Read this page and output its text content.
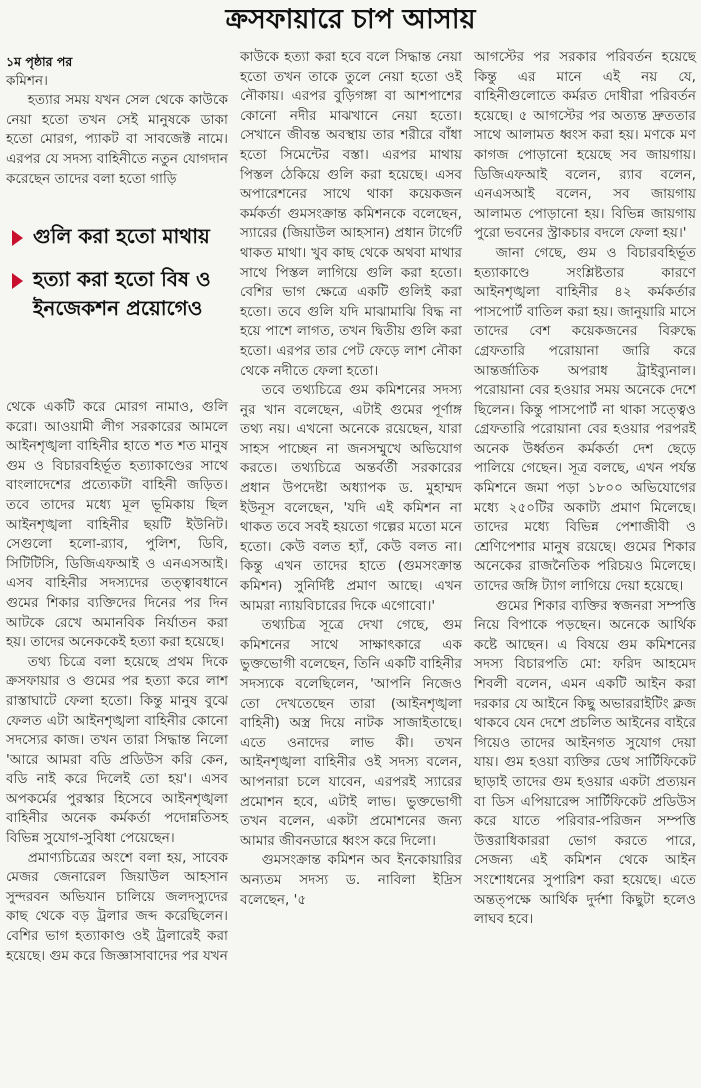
ক্রসফায়ারে চাপ আসায়
১ম পৃষ্ঠার পর

কমিশন।

হত্যার সময় যখন সেল থেকে কাউকে নেয়া হতো তখন সেই মানুষকে ডাকা হতো মোরগ, প্যাকট বা সাবজেক্ট নামে। এরপর যে সদস্য বাহিনীতে নতুন যোগদান করেছেন তাদের বলা হতো গাড়ি

গুলি করা হতো মাথায়
হত্যা করা হতো বিষ ও ইনজেকশন প্রয়োগেও

থেকে একটি করে মোরগ নামাও, গুলি করো। আওয়ামী লীগ সরকারের আমলে আইনশৃঙ্খলা বাহিনীর হাতে শত শত মানুষ গুম ও বিচারবহির্ভূত হত্যাকাণ্ডের সাথে বাংলাদেশের প্রত্যেকটা বাহিনী জড়িত। তবে তাদের মধ্যে মূল ভূমিকায় ছিল আইনশৃঙ্খলা বাহিনীর ছয়টি ইউনিট। সেগুলো হলো-র‍্যাব, পুলিশ, ডিবি, সিটিটিসি, ডিজিএফআই ও এনএসআই। এসব বাহিনীর সদস্যদের তত্ত্বাবধানে গুমের শিকার ব্যক্তিদের দিনের পর দিন আটকে রেখে অমানবিক নির্যাতন করা হয়। তাদের অনেককেই হত্যা করা হয়েছে।

তথ্য চিত্রে বলা হয়েছে প্রথম দিকে ক্রসফায়ার ও গুমের পর হত্যা করে লাশ রাস্তাঘাটে ফেলা হতো। কিন্তু মানুষ বুঝে ফেলত এটা আইনশৃঙ্খলা বাহিনীর কোনো সদস্যের কাজ। তখন তারা সিদ্ধান্ত নিলো 'আরে আমরা বডি প্রডিউস করি কেন, বডি নাই করে দিলেই তো হয়'। এসব অপকর্মের পুরস্কার হিসেবে আইনশৃঙ্খলা বাহিনীর অনেক কর্মকর্তা পদোন্নতিসহ বিভিন্ন সুযোগ-সুবিধা পেয়েছেন।

প্রমাণ্যচিত্রের অংশে বলা হয়, সাবেক মেজর জেনারেল জিয়াউল আহসান সুন্দরবন অভিযান চালিয়ে জলদস্যুদের কাছ থেকে বড় ট্রলার জব্দ করেছিলেন। বেশির ভাগ হত্যাকাণ্ড ওই ট্রলারেই করা হয়েছে। গুম করে জিজ্ঞাসাবাদের পর যখন

কাউকে হত্যা করা হবে বলে সিদ্ধান্ত নেয়া হতো তখন তাকে তুলে নেয়া হতো ওই নৌকায়। এরপর বুড়িগঙ্গা বা আশপাশের কোনো নদীর মাঝখানে নেয়া হতো। সেখানে জীবন্ত অবস্থায় তার শরীরে বাঁধা হতো সিমেন্টের বস্তা। এরপর মাথায় পিস্তল ঠেকিয়ে গুলি করা হয়েছে। এসব অপারেশনের সাথে থাকা কয়েকজন কর্মকর্তা গুমসংক্রান্ত কমিশনকে বলেছেন, স্যারের (জিয়াউল আহসান) প্রধান টার্গেট থাকত মাথা। খুব কাছ থেকে অথবা মাথার সাথে পিস্তল লাগিয়ে গুলি করা হতো। বেশির ভাগ ক্ষেত্রে একটি গুলিই করা হতো। তবে গুলি যদি মাঝামাঝি বিদ্ধ না হয়ে পাশে লাগত, তখন দ্বিতীয় গুলি করা হতো। এরপর তার পেট ফেড়ে লাশ নৌকা থেকে নদীতে ফেলা হতো।

তবে তথ্যচিত্রে গুম কমিশনের সদস্য নুর খান বলেছেন, এটাই গুমের পূর্ণাঙ্গ তথ্য নয়। এখনো অনেকে রয়েছেন, যারা সাহস পাচ্ছেন না জনসম্মুখে অভিযোগ করতে। তথ্যচিত্রে অন্তর্বর্তী সরকারের প্রধান উপদেষ্টা অধ্যাপক ড. মুহাম্মদ ইউনূস বলেছেন, 'যদি এই কমিশন না থাকত তবে সবই হয়তো গল্পের মতো মনে হতো। কেউ বলত হ্যাঁ, কেউ বলত না। কিন্তু এখন তাদের হাতে (গুমসংক্রান্ত কমিশন) সুনির্দিষ্ট প্রমাণ আছে। এখন আমরা ন্যায়বিচারের দিকে এগোবো।'

তথ্যচিত্র সূত্রে দেখা গেছে, গুম কমিশনের সাথে সাক্ষাৎকারে এক ভুক্তভোগী বলেছেন, তিনি একটি বাহিনীর সদস্যকে বলেছিলেন, 'আপনি নিজেও তো দেখতেছেন তারা (আইনশৃঙ্খলা বাহিনী) অস্ত্র দিয়ে নাটক সাজাইতাছে। এতে ওনাদের লাভ কী। তখন আইনশৃঙ্খলা বাহিনীর ওই সদস্য বলেন, আপনারা চলে যাবেন, এরপরই স্যারের প্রমোশন হবে, এটাই লাভ। ভুক্তভোগী তখন বলেন, একটা প্রমোশনের জন্য আমার জীবনডারে ধ্বংস করে দিলো।

গুমসংক্রান্ত কমিশন অব ইনকোয়ারির অন্যতম সদস্য ড. নাবিলা ইদ্রিস বলেছেন, '৫

আগস্টের পর সরকার পরিবর্তন হয়েছে কিন্তু এর মানে এই নয় যে, বাহিনীগুলোতে কর্মরত দোষীরা পরিবর্তন হয়েছে। ৫ আগস্টের পর অত্যন্ত দ্রুততার সাথে আলামত ধ্বংস করা হয়। মণকে মণ কাগজ পোড়ানো হয়েছে সব জায়গায়। ডিজিএফআই বলেন, র‍্যাব বলেন, এনএসআই বলেন, সব জায়গায় আলামত পোড়ানো হয়। বিভিন্ন জায়গায় পুরো ভবনের স্ট্রাকচার বদলে ফেলা হয়।'

জানা গেছে, গুম ও বিচারবহির্ভূত হত্যাকাণ্ডে সংশ্লিষ্টতার কারণে আইনশৃঙ্খলা বাহিনীর ৪২ কর্মকর্তার পাসপোর্ট বাতিল করা হয়। জানুয়ারি মাসে তাদের বেশ কয়েকজনের বিরুদ্ধে গ্রেফতারি পরোয়ানা জারি করে আন্তর্জাতিক অপরাধ ট্রাইব্যুনাল। পরোয়ানা বের হওয়ার সময় অনেকে দেশে ছিলেন। কিন্তু পাসপোর্ট না থাকা সত্ত্বেও গ্রেফতারি পরোয়ানা বের হওয়ার পরপরই অনেক উর্ধ্বতন কর্মকর্তা দেশ ছেড়ে পালিয়ে গেছেন। সূত্র বলছে, এখন পর্যন্ত কমিশনে জমা পড়া ১৮০০ অভিযোগের মধ্যে ২৫০টির অকাট্য প্রমাণ মিলেছে। তাদের মধ্যে বিভিন্ন পেশাজীবী ও শ্রেণিপেশার মানুষ রয়েছে। গুমের শিকার অনেকের রাজনৈতিক পরিচয়ও মিলেছে। তাদের জঙ্গি ট্যাগ লাগিয়ে দেয়া হয়েছে।

গুমের শিকার ব্যক্তির স্বজনরা সম্পত্তি নিয়ে বিপাকে পড়ছেন। অনেকে আর্থিক কষ্টে আছেন। এ বিষয়ে গুম কমিশনের সদস্য বিচারপতি মো: ফরিদ আহমেদ শিবলী বলেন, এমন একটি আইন করা দরকার যে আইনে কিছু অভাররাইটিং ক্লজ থাকবে যেন দেশে প্রচলিত আইনের বাইরে গিয়েও তাদের আইনগত সুযোগ দেয়া যায়। গুম হওয়া ব্যক্তির ডেথ সার্টিফিকেট ছাড়াই তাদের গুম হওয়ার একটা প্রত্যয়ন বা ডিস এপিয়ারেন্স সার্টিফিকেট প্রডিউস করে যাতে পরিবার-পরিজন সম্পত্তি উত্তরাধিকাররা ভোগ করতে পারে, সেজন্য এই কমিশন থেকে আইন সংশোধনের সুপারিশ করা হয়েছে। এতে অন্তত্পক্ষে আর্থিক দুর্দশা কিছুটা হলেও লাঘব হবে।
